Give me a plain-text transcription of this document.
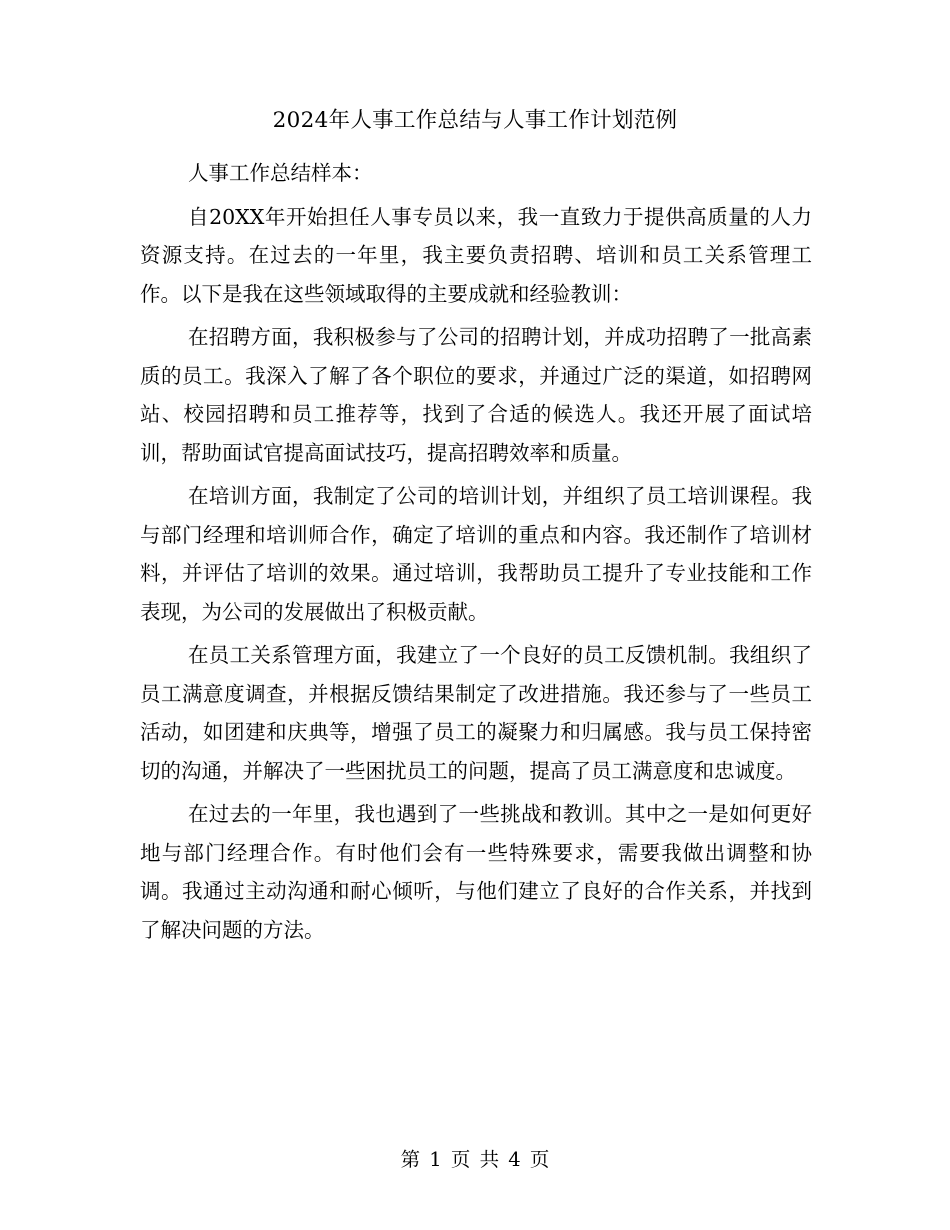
2024年人事工作总结与人事工作计划范例

人事工作总结样本：

自20XX年开始担任人事专员以来，我一直致力于提供高质量的人力资源支持。在过去的一年里，我主要负责招聘、培训和员工关系管理工作。以下是我在这些领域取得的主要成就和经验教训：

在招聘方面，我积极参与了公司的招聘计划，并成功招聘了一批高素质的员工。我深入了解了各个职位的要求，并通过广泛的渠道，如招聘网站、校园招聘和员工推荐等，找到了合适的候选人。我还开展了面试培训，帮助面试官提高面试技巧，提高招聘效率和质量。

在培训方面，我制定了公司的培训计划，并组织了员工培训课程。我与部门经理和培训师合作，确定了培训的重点和内容。我还制作了培训材料，并评估了培训的效果。通过培训，我帮助员工提升了专业技能和工作表现，为公司的发展做出了积极贡献。

在员工关系管理方面，我建立了一个良好的员工反馈机制。我组织了员工满意度调查，并根据反馈结果制定了改进措施。我还参与了一些员工活动，如团建和庆典等，增强了员工的凝聚力和归属感。我与员工保持密切的沟通，并解决了一些困扰员工的问题，提高了员工满意度和忠诚度。

在过去的一年里，我也遇到了一些挑战和教训。其中之一是如何更好地与部门经理合作。有时他们会有一些特殊要求，需要我做出调整和协调。我通过主动沟通和耐心倾听，与他们建立了良好的合作关系，并找到了解决问题的方法。

第 1 页 共 4 页
